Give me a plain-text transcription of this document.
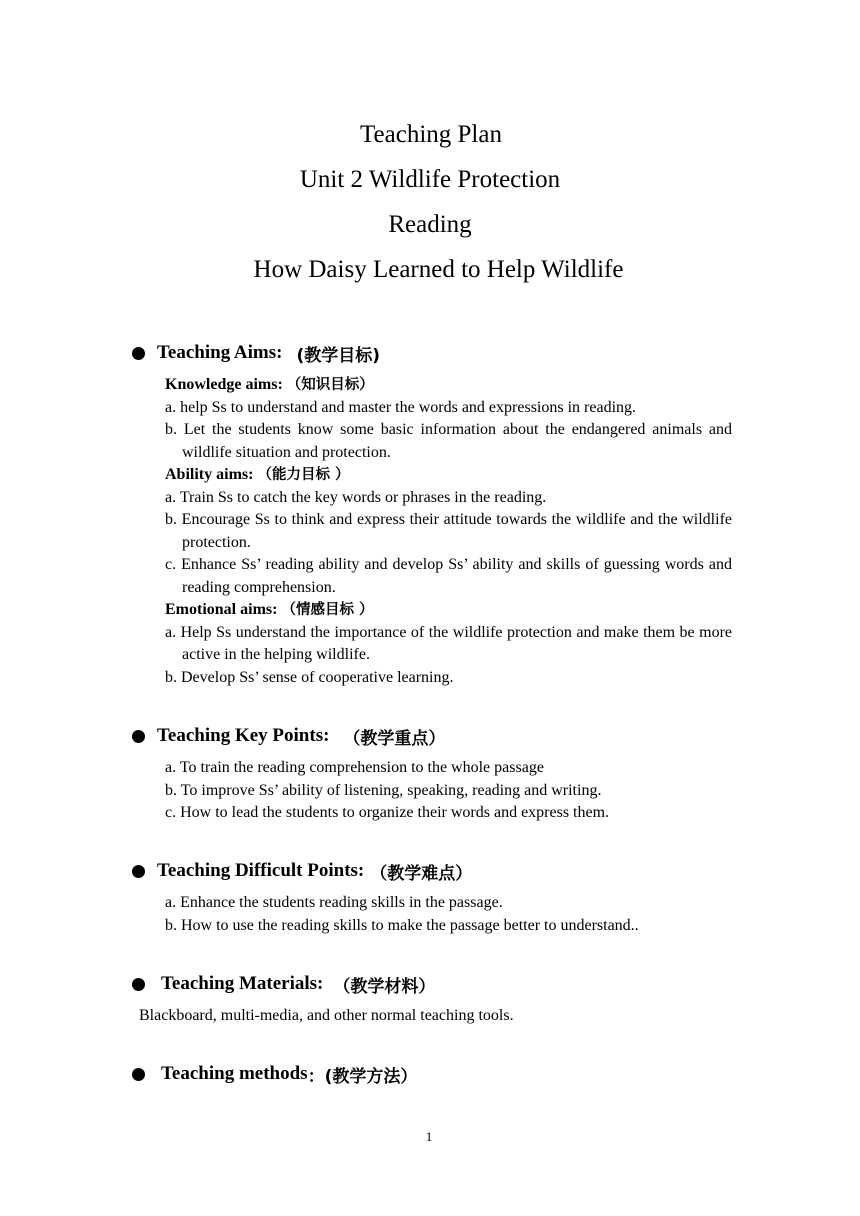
Teaching Plan
Unit 2 Wildlife Protection
Reading
How Daisy Learned to Help Wildlife
Teaching Aims: (教学目标)
Knowledge aims: （知识目标）
a. help Ss to understand and master the words and expressions in reading.
b. Let the students know some basic information about the endangered animals and wildlife situation and protection.
Ability aims: （能力目标 ）
a. Train Ss to catch the key words or phrases in the reading.
b. Encourage Ss to think and express their attitude towards the wildlife and the wildlife protection.
c. Enhance Ss’ reading ability and develop Ss’ ability and skills of guessing words and reading comprehension.
Emotional aims: （情感目标 ）
a. Help Ss understand the importance of the wildlife protection and make them be more active in the helping wildlife.
b. Develop Ss’ sense of cooperative learning.
Teaching Key Points: （教学重点）
a. To train the reading comprehension to the whole passage
b. To improve Ss’ ability of listening, speaking, reading and writing.
c. How to lead the students to organize their words and express them.
Teaching Difficult Points: （教学难点）
a. Enhance the students reading skills in the passage.
b. How to use the reading skills to make the passage better to understand..
Teaching Materials: （教学材料）
Blackboard, multi-media, and other normal teaching tools.
Teaching methods ：(教学方法）
1
